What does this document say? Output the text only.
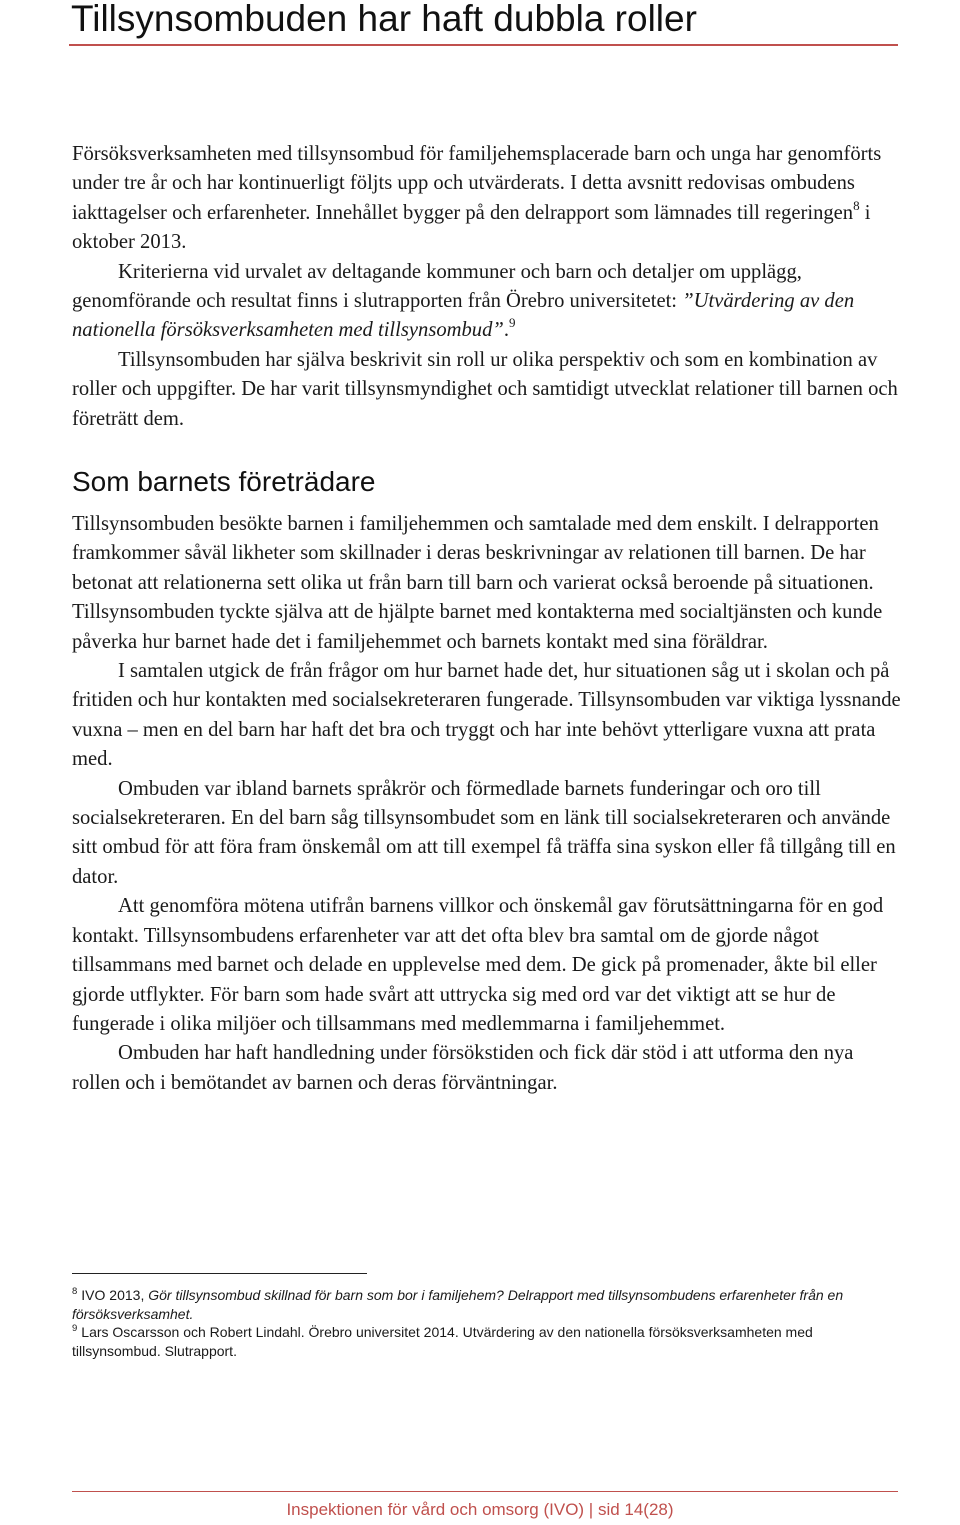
Tillsynsombuden har haft dubbla roller

Försöksverksamheten med tillsynsombud för familjehemsplacerade barn och unga har genomförts under tre år och har kontinuerligt följts upp och utvärderats. I detta avsnitt redovisas ombudens iakttagelser och erfarenheter. Innehållet bygger på den delrapport som lämnades till regeringen$^8$ i oktober 2013.

Kriterierna vid urvalet av deltagande kommuner och barn och detaljer om upplägg, genomförande och resultat finns i slutrapporten från Örebro universitetet: ”Utvärdering av den nationella försöksverksamheten med tillsynsombud”.$^9$

Tillsynsombuden har själva beskrivit sin roll ur olika perspektiv och som en kombination av roller och uppgifter. De har varit tillsynsmyndighet och samtidigt utvecklat relationer till barnen och företrätt dem.

Som barnets företrädare

Tillsynsombuden besökte barnen i familjehemmen och samtalade med dem enskilt. I delrapporten framkommer såväl likheter som skillnader i deras beskrivningar av relationen till barnen. De har betonat att relationerna sett olika ut från barn till barn och varierat också beroende på situationen. Tillsynsombuden tyckte själva att de hjälpte barnet med kontakterna med socialtjänsten och kunde påverka hur barnet hade det i familjehemmet och barnets kontakt med sina föräldrar.

I samtalen utgick de från frågor om hur barnet hade det, hur situationen såg ut i skolan och på fritiden och hur kontakten med socialsekreteraren fungerade. Tillsynsombuden var viktiga lyssnande vuxna – men en del barn har haft det bra och tryggt och har inte behövt ytterligare vuxna att prata med.

Ombuden var ibland barnets språkrör och förmedlade barnets funderingar och oro till socialsekreteraren. En del barn såg tillsynsombudet som en länk till socialsekreteraren och använde sitt ombud för att föra fram önskemål om att till exempel få träffa sina syskon eller få tillgång till en dator.

Att genomföra mötena utifrån barnens villkor och önskemål gav förutsättningarna för en god kontakt. Tillsynsombudens erfarenheter var att det ofta blev bra samtal om de gjorde något tillsammans med barnet och delade en upplevelse med dem. De gick på promenader, åkte bil eller gjorde utflykter. För barn som hade svårt att uttrycka sig med ord var det viktigt att se hur de fungerade i olika miljöer och tillsammans med medlemmarna i familjehemmet.

Ombuden har haft handledning under försökstiden och fick där stöd i att utforma den nya rollen och i bemötandet av barnen och deras förväntningar.

$^8$ IVO 2013, Gör tillsynsombud skillnad för barn som bor i familjehem? Delrapport med tillsynsombudens erfarenheter från en försöksverksamhet.

$^9$ Lars Oscarsson och Robert Lindahl. Örebro universitet 2014. Utvärdering av den nationella försöksverksamheten med tillsynsombud. Slutrapport.

Inspektionen för vård och omsorg (IVO) | sid 14(28)
